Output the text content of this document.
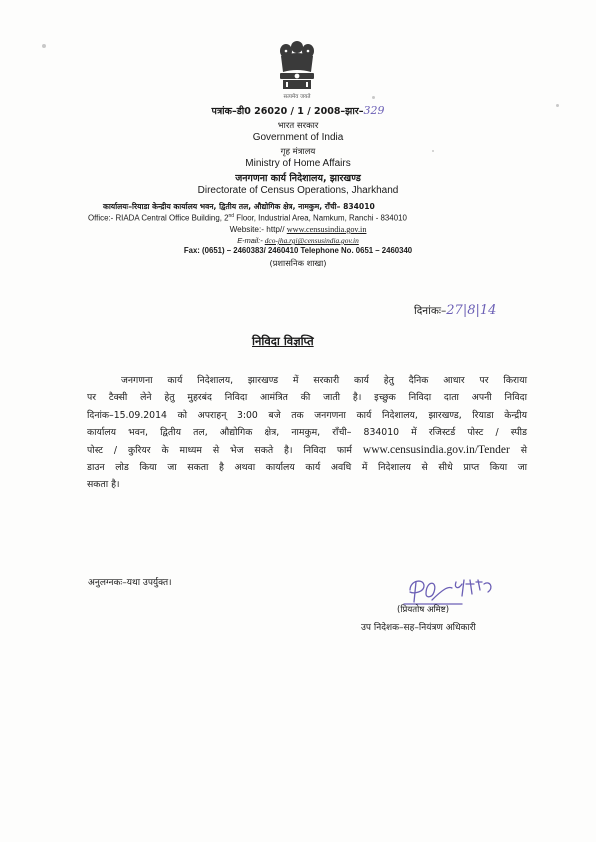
सत्यमेव जयते
पत्रांक–डी0 26020 / 1 / 2008–झार–329
भारत सरकार
Government of India
गृह मंत्रालय
Ministry of Home Affairs
जनगणना कार्य निदेशालय, झारखण्ड
Directorate of Census Operations, Jharkhand
कार्यालयः–रियाडा केन्द्रीय कार्यालय भवन, द्वितीय तल, औद्योगिक क्षेत्र, नामकुम, रॉंची– 834010
Office:- RIADA Central Office Building, 2nd Floor, Industrial Area, Namkum, Ranchi - 834010
Website:- http// www.censusindia.gov.in
E-mail:- dco-jha.rgi@censusindia.gov.in
Fax: (0651) – 2460383/ 2460410 Telephone No. 0651 – 2460340
(प्रशासनिक शाखा)
दिनांकः–27|8|14
निविदा विज्ञप्ति
जनगणना कार्य निदेशालय, झारखण्ड में सरकारी कार्य हेतु दैनिक आधार पर किराया
पर टैक्सी लेने हेतु मुहरबंद निविदा आमंत्रित की जाती है। इच्छुक निविदा दाता अपनी निविदा
दिनांक–15.09.2014 को अपराहन् 3:00 बजे तक जनगणना कार्य निदेशालय, झारखण्ड, रियाडा केन्द्रीय
कार्यालय भवन, द्वितीय तल, औद्योगिक क्षेत्र, नामकुम, रॉंची– 834010 में रजिस्टर्ड पोस्ट / स्पीड
पोस्ट / कुरियर के माध्यम से भेज सकते है। निविदा फार्म www.censusindia.gov.in/Tender से
डाउन लोड किया जा सकता है अथवा कार्यालय कार्य अवधि में निदेशालय से सीधे प्राप्त किया जा
सकता है।
अनुलग्नकः–यथा उपर्युक्त।
(प्रियतोष अमिष्ट)
उप निदेशक–सह–नियंत्रण अधिकारी
